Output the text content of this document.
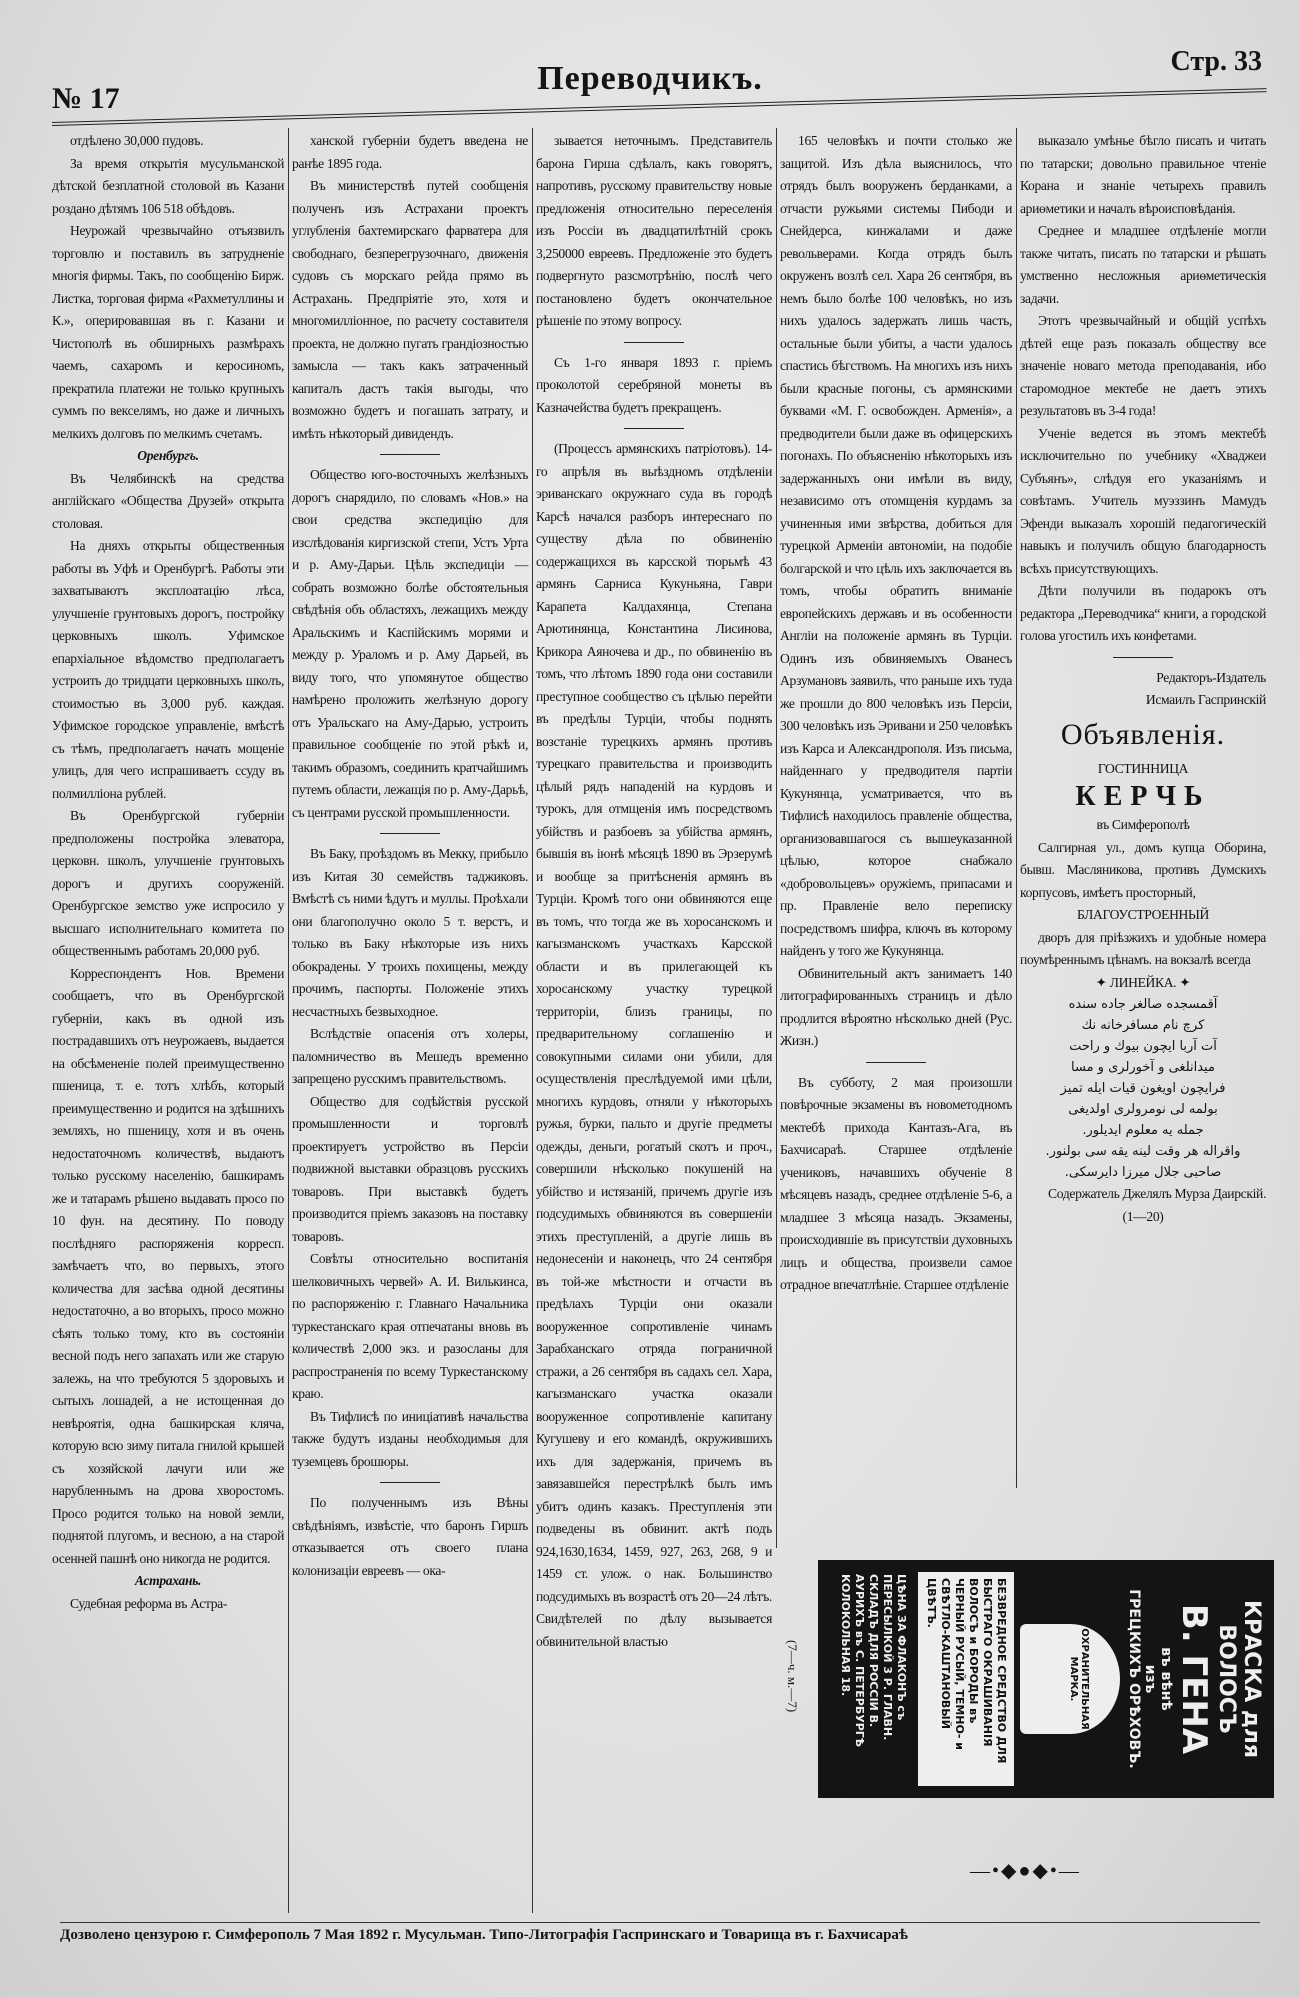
№ 17
Переводчикъ.	Стр. 33

отдѣлено 30,000 пудовъ.

За время открытія мусульманской дѣтской безплатной столовой въ Казани роздано дѣтямъ 106 518 обѣдовъ.

Неурожай чрезвычайно отъязвилъ торговлю и поставилъ въ затрудненіе многія фирмы. Такъ, по сообщенію Бирж. Листка, торговая фирма «Рахметуллины и К.», оперировавшая въ г. Казани и Чистополѣ въ обширныхъ размѣрахъ чаемъ, сахаромъ и керосиномъ, прекратила платежи не только крупныхъ суммъ по векселямъ, но даже и личныхъ мелкихъ долговъ по мелкимъ счетамъ.

Оренбургъ.

Въ Челябинскѣ на средства англійскаго «Общества Друзей» открыта столовая.

На дняхъ открыты общественныя работы въ Уфѣ и Оренбургѣ. Работы эти захватываютъ эксплоатацію лѣса, улучшеніе грунтовыхъ дорогъ, постройку церковныхъ школъ. Уфимское епархіальное вѣдомство предполагаетъ устроить до тридцати церковныхъ школъ, стоимостью въ 3,000 руб. каждая. Уфимское городское управленіе, вмѣстѣ съ тѣмъ, предполагаетъ начать мощеніе улицъ, для чего испрашиваетъ ссуду въ полмилліона рублей.

Въ Оренбургской губерніи предположены постройка элеватора, церковн. школъ, улучшеніе грунтовыхъ дорогъ и другихъ сооруженій. Оренбургское земство уже испросило у высшаго исполнительнаго комитета по общественнымъ работамъ 20,000 руб.

Корреспондентъ Нов. Времени сообщаетъ, что въ Оренбургской губерніи, какъ въ одной изъ пострадавшихъ отъ неурожаевъ, выдается на обсѣмененіе полей преимущественно пшеница, т. е. тотъ хлѣбъ, который преимущественно и родится на здѣшнихъ земляхъ, но пшеницу, хотя и въ очень недостаточномъ количествѣ, выдаютъ только русскому населенію, башкирамъ же и татарамъ рѣшено выдавать просо по 10 фун. на десятину. По поводу послѣдняго распоряженія корресп. замѣчаетъ что, во первыхъ, этого количества для засѣва одной десятины недостаточно, а во вторыхъ, просо можно сѣять только тому, кто въ состояніи весной подъ него запахать или же старую залежь, на что требуются 5 здоровыхъ и сытыхъ лошадей, а не истощенная до невѣроятія, одна башкирская кляча, которую всю зиму питала гнилой крышей съ хозяйской лачуги или же нарубленнымъ на дрова хворостомъ. Просо родится только на новой земли, поднятой плугомъ, и весною, а на старой осенней пашнѣ оно никогда не родится.

Астрахань.

Судебная реформа въ Астра-

ханской губерніи будетъ введена не ранѣе 1895 года.

Въ министерствѣ путей сообщенія полученъ изъ Астрахани проектъ углубленія бахтемирскаго фарватера для свободнаго, безперегрузочнаго, движенія судовъ съ морскаго рейда прямо въ Астрахань. Предпріятіе это, хотя и многомилліонное, по расчету составителя проекта, не должно пугать грандіозностью замысла — такъ какъ затраченный капиталъ дастъ такія выгоды, что возможно будетъ и погашать затрату, и имѣть нѣкоторый дивидендъ.

Общество юго-восточныхъ желѣзныхъ дорогъ снарядило, по словамъ «Нов.» на свои средства экспедицію для изслѣдованія киргизской степи, Устъ Урта и р. Аму-Дарьи. Цѣль экспедиціи — собрать возможно болѣе обстоятельныя свѣдѣнія объ областяхъ, лежащихъ между Аральскимъ и Каспійскимъ морями и между р. Ураломъ и р. Аму Дарьей, въ виду того, что упомянутое общество намѣрено проложить желѣзную дорогу отъ Уральскаго на Аму-Дарью, устроить правильное сообщеніе по этой рѣкѣ и, такимъ образомъ, соединить кратчайшимъ путемъ области, лежащія по р. Аму-Дарьѣ, съ центрами русской промышленности.

Въ Баку, проѣздомъ въ Мекку, прибыло изъ Китая 30 семействъ таджиковъ. Вмѣстѣ съ ними ѣдутъ и муллы. Проѣхали они благополучно около 5 т. верстъ, и только въ Баку нѣкоторые изъ нихъ обокрадены. У троихъ похищены, между прочимъ, паспорты. Положеніе этихъ несчастныхъ безвыходное.

Вслѣдствіе опасенія отъ холеры, паломничество въ Мешедъ временно запрещено русскимъ правительствомъ.

Общество для содѣйствія русской промышленности и торговлѣ проектируетъ устройство въ Персіи подвижной выставки образцовъ русскихъ товаровъ. При выставкѣ будетъ производится пріемъ заказовъ на поставку товаровъ.

Совѣты относительно воспитанія шелковичныхъ червей» А. И. Вилькинса, по распоряженію г. Главнаго Начальника туркестанскаго края отпечатаны вновь въ количествѣ 2,000 экз. и разосланы для распространенія по всему Туркестанскому краю.

Въ Тифлисѣ по иниціативѣ начальства также будутъ изданы необходимыя для туземцевъ брошюры.

По полученнымъ изъ Вѣны свѣдѣніямъ, извѣстіе, что баронъ Гиршъ отказывается отъ своего плана колонизаціи евреевъ — ока-

зывается неточнымъ. Представитель барона Гирша сдѣлалъ, какъ говорятъ, напротивъ, русскому правительству новые предложенія относительно переселенія изъ Россіи въ двадцатилѣтній срокъ 3,250000 евреевъ. Предложеніе это будетъ подвергнуто разсмотрѣнію, послѣ чего постановлено будетъ окончательное рѣшеніе по этому вопросу.

Съ 1-го января 1893 г. пріемъ проколотой серебряной монеты въ Казначейства будетъ прекращенъ.

(Процессъ армянскихъ патріотовъ). 14-го апрѣля въ выѣздномъ отдѣленіи эриванскаго окружнаго суда въ городѣ Карсѣ начался разборъ интереснаго по существу дѣла по обвиненію содержащихся въ карсской тюрьмѣ 43 армянъ Сарниса Кукуньяна, Гаври Карапета Калдахянца, Степана Арютинянца, Константина Лисинова, Крикора Аяночева и др., по обвиненію въ томъ, что лѣтомъ 1890 года они составили преступное сообщество съ цѣлью перейти въ предѣлы Турціи, чтобы поднять возстаніе турецкихъ армянъ противъ турецкаго правительства и производить цѣлый рядъ нападеній на курдовъ и турокъ, для отмщенія имъ посредствомъ убійствъ и разбоевъ за убійства армянъ, бывшія въ іюнѣ мѣсяцѣ 1890 въ Эрзерумѣ и вообще за притѣсненія армянъ въ Турціи. Кромѣ того они обвиняются еще въ томъ, что тогда же въ хоросанскомъ и кагызманскомъ участкахъ Карсской области и въ прилегающей къ хоросанскому участку турецкой территоріи, близъ границы, по предварительному соглашенію и совокупными силами они убили, для осуществленія преслѣдуемой ими цѣли, многихъ курдовъ, отняли у нѣкоторыхъ ружья, бурки, пальто и другіе предметы одежды, деньги, рогатый скотъ и проч., совершили нѣсколько покушеній на убійство и истязаній, причемъ другіе изъ подсудимыхъ обвиняются въ совершеніи этихъ преступленій, а другіе лишь въ недонесеніи и наконецъ, что 24 сентября въ той-же мѣстности и отчасти въ предѣлахъ Турціи они оказали вооруженное сопротивленіе чинамъ Зарабханскаго отряда пограничной стражи, а 26 сентября въ садахъ сел. Хара, кагызманскаго участка оказали вооруженное сопротивленіе капитану Кугушеву и его командѣ, окружившихъ ихъ для задержанія, причемъ въ завязавшейся перестрѣлкѣ былъ имъ убитъ одинъ казакъ. Преступленія эти подведены въ обвинит. актѣ подъ 924,1630,1634, 1459, 927, 263, 268, 9 и 1459 ст. улож. о нак. Большинство подсудимыхъ въ возрастѣ отъ 20—24 лѣтъ. Свидѣтелей по дѣлу вызывается обвинительной властью

165 человѣкъ и почти столько же защитой. Изъ дѣла выяснилось, что отрядъ былъ вооруженъ берданками, а отчасти ружьями системы Пибоди и Снейдерса, кинжалами и даже револьверами. Когда отрядъ былъ окруженъ возлѣ сел. Хара 26 сентября, въ немъ было болѣе 100 человѣкъ, но изъ нихъ удалось задержать лишь часть, остальные были убиты, а части удалось спастись бѣгствомъ. На многихъ изъ нихъ были красные погоны, съ армянскими буквами «М. Г. освобожден. Арменія», а предводители были даже въ офицерскихъ погонахъ. По объясненію нѣкоторыхъ изъ задержанныхъ они имѣли въ виду, независимо отъ отомщенія курдамъ за учиненныя ими звѣрства, добиться для турецкой Арменіи автономіи, на подобіе болгарской и что цѣль ихъ заключается въ томъ, чтобы обратить вниманіе европейскихъ державъ и въ особенности Англіи на положеніе армянъ въ Турціи. Одинъ изъ обвиняемыхъ Ованесъ Арзумановъ заявилъ, что раньше ихъ туда же прошли до 800 человѣкъ изъ Персіи, 300 человѣкъ изъ Эривани и 250 человѣкъ изъ Карса и Александрополя. Изъ письма, найденнаго у предводителя партіи Кукунянца, усматривается, что въ Тифлисѣ находилось правленіе общества, организовавшагося съ вышеуказанной цѣлью, которое снабжало «добровольцевъ» оружіемъ, припасами и пр. Правленіе вело переписку посредствомъ шифра, ключъ въ которому найденъ у того же Кукунянца.

Обвинительный актъ занимаетъ 140 литографированныхъ страницъ и дѣло продлится вѣроятно нѣсколько дней (Рус. Жизн.)

Въ субботу, 2 мая произошли повѣрочные экзамены въ новометодномъ мектебѣ прихода Кантазъ-Ага, въ Бахчисараѣ. Старшее отдѣленіе учениковъ, начавшихъ обученіе 8 мѣсяцевъ назадъ, среднее отдѣленіе 5-6, а младшее 3 мѣсяца назадъ. Экзамены, происходившіе въ присутствіи духовныхъ лицъ и общества, произвели самое отрадное впечатлѣніе. Старшее отдѣленіе

выказало умѣнье бѣгло писать и читать по татарски; довольно правильное чтеніе Корана и знаніе четырехъ правилъ ариѳметики и началъ вѣроисповѣданія.

Среднее и младшее отдѣленіе могли также читать, писать по татарски и рѣшать умственно несложныя ариѳметическія задачи.

Этотъ чрезвычайный и общій успѣхъ дѣтей еще разъ показалъ обществу все значеніе новаго метода преподаванія, ибо старомодное мектебе не даетъ этихъ результатовъ въ 3-4 года!

Ученіе ведется въ этомъ мектебѣ исключительно по учебнику «Хваджеи Субъянъ», слѣдуя его указаніямъ и совѣтамъ. Учитель муэззинъ Мамудъ Эфенди выказалъ хорошій педагогическій навыкъ и получилъ общую благодарность всѣхъ присутствующихъ.

Дѣти получили въ подарокъ отъ редактора „Переводчика“ книги, а городской голова угостилъ ихъ конфетами.

Редакторъ-Издатель

Исмаилъ Гаспринскій

Объявленія.

ГОСТИННИЦА

КЕРЧЬ

въ Симферополѣ

Салгирная ул., домъ купца Оборина, бывш. Масляникова, противъ Думскихъ корпусовъ, имѣетъ просторный,

БЛАГОУСТРОЕННЫЙ

дворъ для пріѣзжихъ и удобные номера поумѣреннымъ цѣнамъ. на вокзалѣ всегда

✦ ЛИНЕЙКА. ✦

آقمسجده صالغر جاده سنده

کرچ نام مسافرخانه نك

آت آربا ايچون بيوك و راحت

ميدانلغى و آخورلرى و مسا

فرايچون اويغون قيات ايله تميز

بولمه لى نومرولرى اولديغى

جمله يه معلوم ايديلور.

واقراله هر وقت لينه يقه سى بولنور.

صاحبى جلال ميرزا دايرسكى.

Содержатель Джелялъ Мурза Даирскій.

(1—20)

КРАСКА для ВОЛОСЪ
В. ГЕНА
въ вѣнѣ
изъ
ГРЕЦКИХЪ ОРѢХОВЪ.
ОХРАНИТЕЛЬНАЯ МАРКА.
БЕЗВРЕДНОЕ СРЕДСТВО ДЛЯ БЫСТРАГО ОКРАШИВАНІЯ ВОЛОСЪ и БОРОДЫ въ ЧЕРНЫЙ РУСЫЙ, ТЕМНО- и СВѢТЛО-КАШТАНОВЫЙ ЦВѢТЪ.
ЦѢНА ЗА ФЛАКОНЪ съ ПЕРЕСЫЛКОЙ 3 Р. ГЛАВН. СКЛАДЪ ДЛЯ РОССІИ В. АУРИХЪ въ С. ПЕТЕРБУРГѢ КОЛОКОЛЬНАЯ 18.
(7—ч. м.—7)
—•◆●◆•—
Дозволено цензурою г. Симферополь 7 Мая 1892 г. Мусульман. Типо-Литографія Гаспринскаго и Товарища въ г. Бахчисараѣ
